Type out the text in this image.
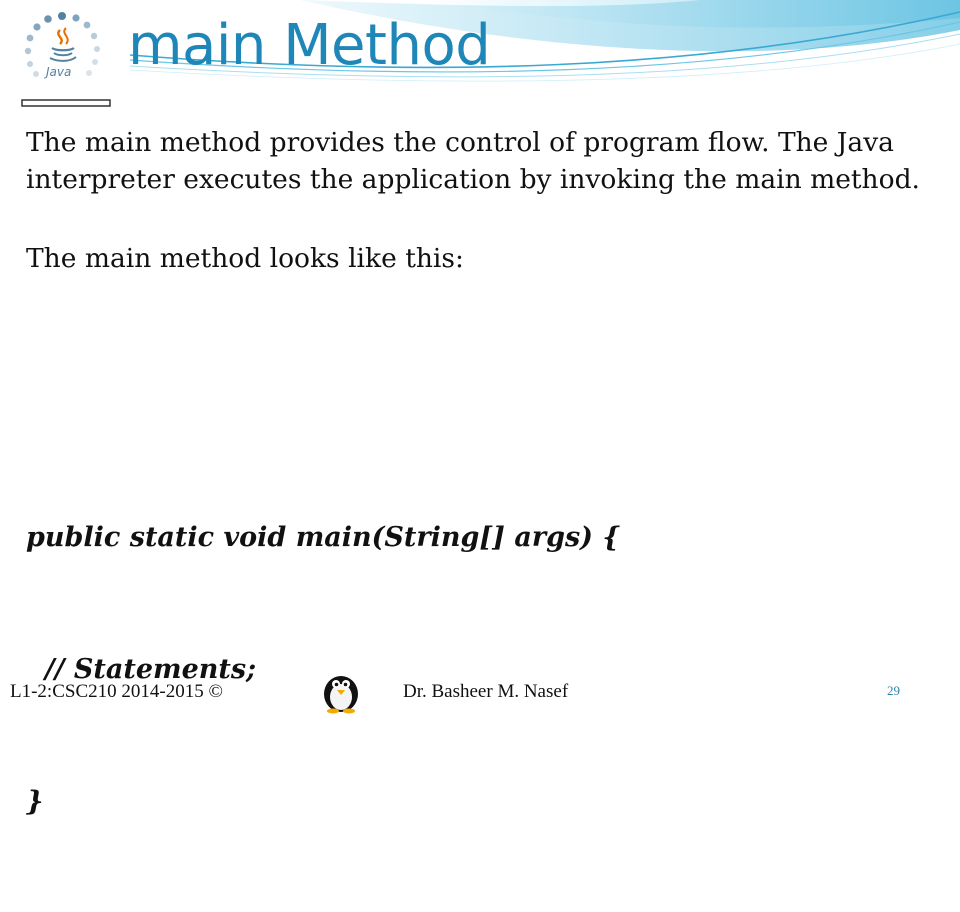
Java main Method

The main method provides the control of program flow. The Java interpreter executes the application by invoking the main method.

The main method looks like this:

public static void main(String[] args) {

// Statements;

}

L1-2:CSC210 2014-2015 ©	Dr. Basheer M. Nasef	29
